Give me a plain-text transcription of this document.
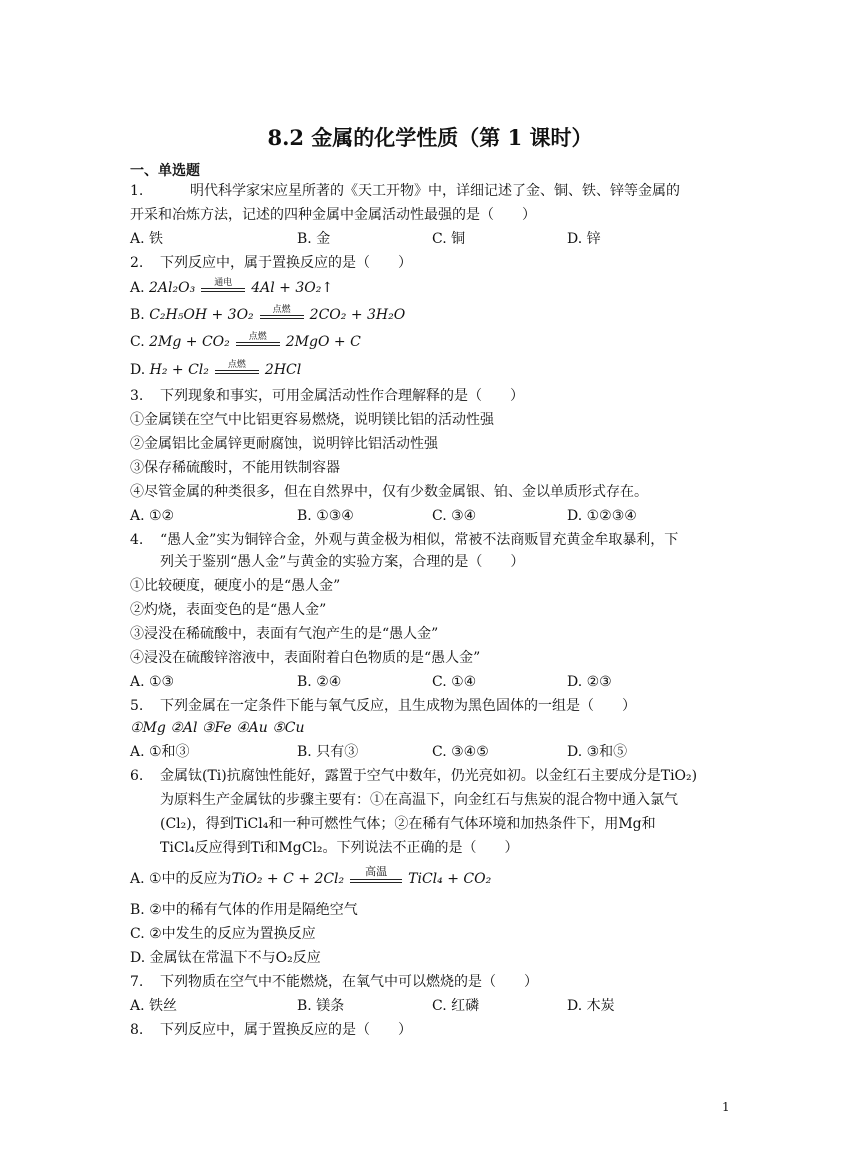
8.2 金属的化学性质（第 1 课时）
一、单选题
1.	明代科学家宋应星所著的《天工开物》中，详细记述了金、铜、铁、锌等金属的
开采和冶炼方法，记述的四种金属中金属活动性最强的是（　　）
A. 铁	B. 金	C. 铜	D. 锌
2. 下列反应中，属于置换反应的是（　　）
A. 2Al₂O₃	通电	4Al + 3O₂↑
B. C₂H₅OH + 3O₂	点燃	2CO₂ + 3H₂O
C. 2Mg + CO₂	点燃	2MgO + C
D. H₂ + Cl₂	点燃	2HCl
3. 下列现象和事实，可用金属活动性作合理解释的是（　　）
①金属镁在空气中比铝更容易燃烧，说明镁比铝的活动性强
②金属铝比金属锌更耐腐蚀，说明锌比铝活动性强
③保存稀硫酸时，不能用铁制容器
④尽管金属的种类很多，但在自然界中，仅有少数金属银、铂、金以单质形式存在。
A. ①②	B. ①③④	C. ③④	D. ①②③④
4. “愚人金”实为铜锌合金，外观与黄金极为相似，常被不法商贩冒充黄金牟取暴利，下
列关于鉴别“愚人金”与黄金的实验方案，合理的是（　　）
①比较硬度，硬度小的是“愚人金”
②灼烧，表面变色的是“愚人金”
③浸没在稀硫酸中，表面有气泡产生的是“愚人金”
④浸没在硫酸锌溶液中，表面附着白色物质的是“愚人金”
A. ①③	B. ②④	C. ①④	D. ②③
5. 下列金属在一定条件下能与氧气反应，且生成物为黑色固体的一组是（　　）
①Mg ②Al ③Fe ④Au ⑤Cu
A. ①和③	B. 只有③	C. ③④⑤	D. ③和⑤
6. 金属钛(Ti)抗腐蚀性能好，露置于空气中数年，仍光亮如初。以金红石主要成分是TiO₂)
为原料生产金属钛的步骤主要有：①在高温下，向金红石与焦炭的混合物中通入氯气
(Cl₂)，得到TiCl₄和一种可燃性气体；②在稀有气体环境和加热条件下，用Mg和
TiCl₄反应得到Ti和MgCl₂。下列说法不正确的是（　　）
A. ①中的反应为TiO₂ + C + 2Cl₂	高温	TiCl₄ + CO₂
B. ②中的稀有气体的作用是隔绝空气
C. ②中发生的反应为置换反应
D. 金属钛在常温下不与O₂反应
7. 下列物质在空气中不能燃烧，在氧气中可以燃烧的是（　　）
A. 铁丝	B. 镁条	C. 红磷	D. 木炭
8. 下列反应中，属于置换反应的是（　　）
1
